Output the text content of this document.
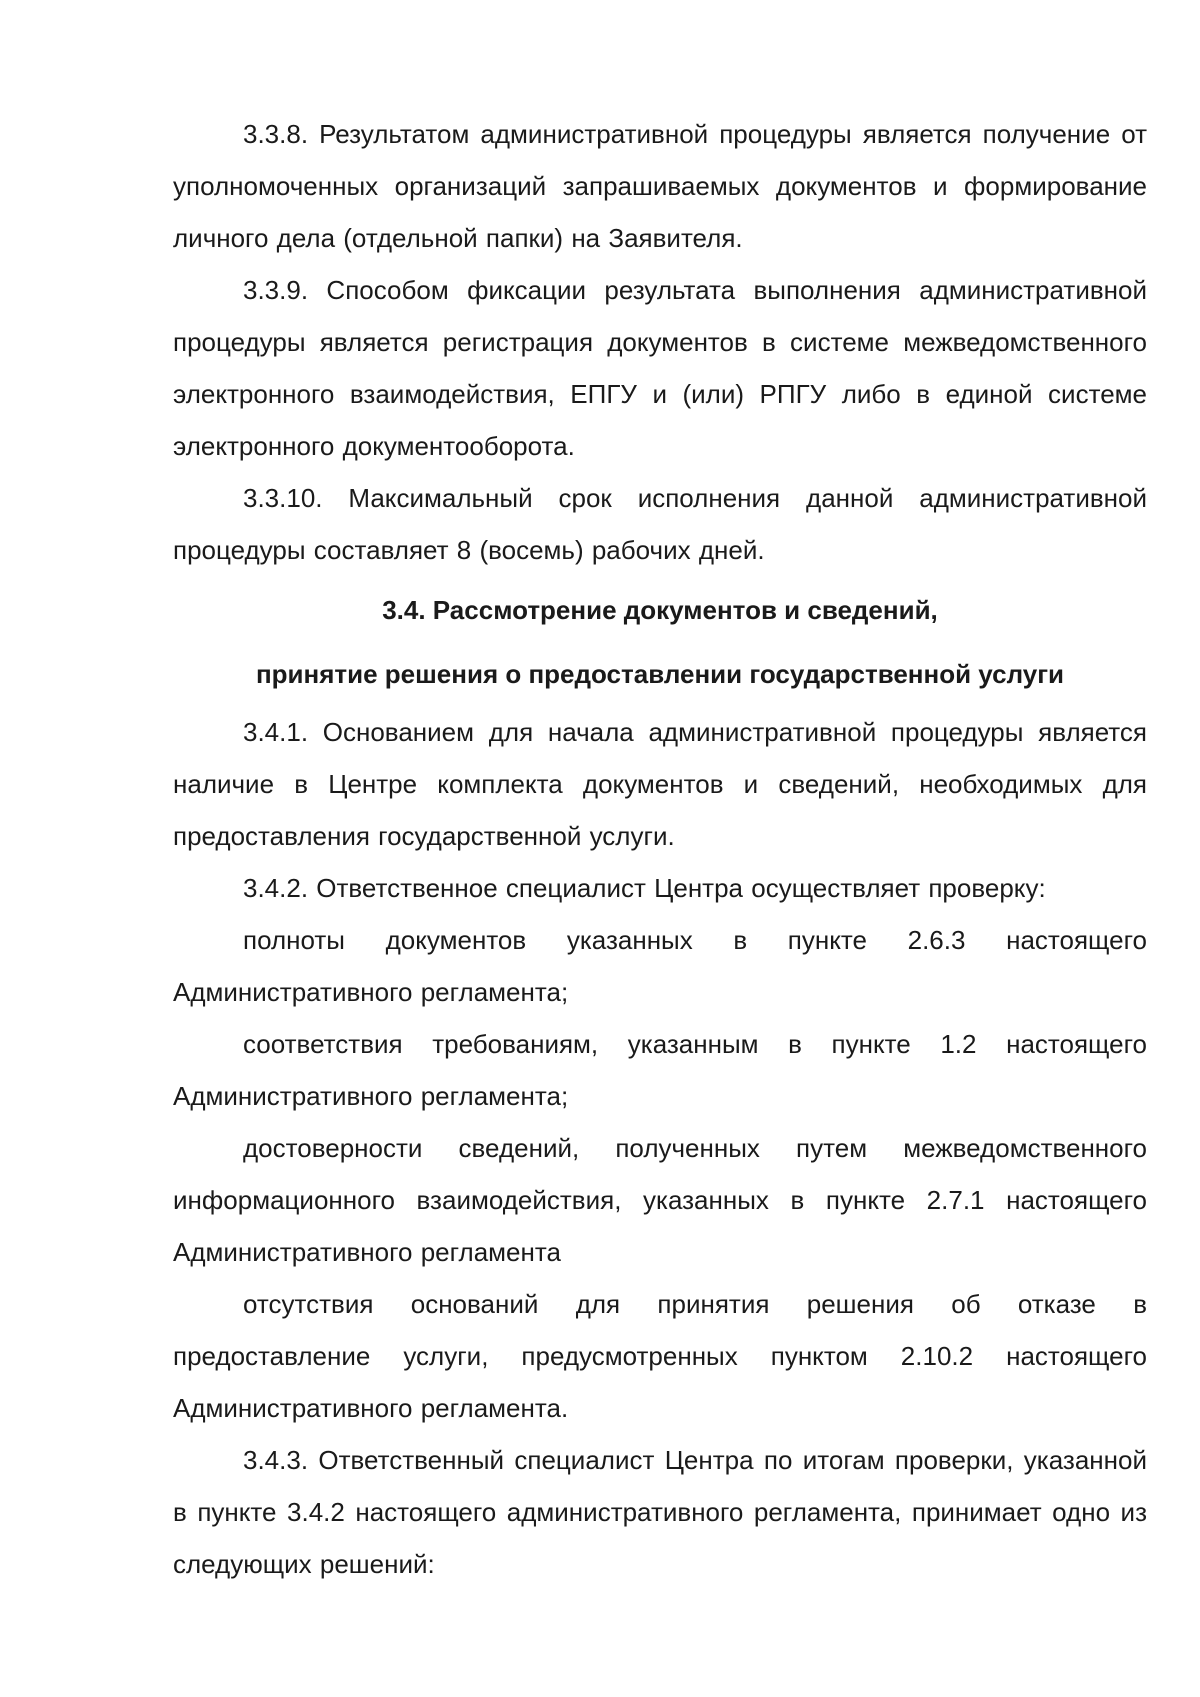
3.3.8. Результатом административной процедуры является получение от уполномоченных организаций запрашиваемых документов и формирование личного дела (отдельной папки) на Заявителя.

3.3.9. Способом фиксации результата выполнения административной процедуры является регистрация документов в системе межведомственного электронного взаимодействия, ЕПГУ и (или) РПГУ либо в единой системе электронного документооборота.

3.3.10. Максимальный срок исполнения данной административной процедуры составляет 8 (восемь) рабочих дней.

3.4. Рассмотрение документов и сведений,
принятие решения о предоставлении государственной услуги

3.4.1. Основанием для начала административной процедуры является наличие в Центре комплекта документов и сведений, необходимых для предоставления государственной услуги.

3.4.2. Ответственное специалист Центра осуществляет проверку:

полноты документов указанных в пункте 2.6.3 настоящего Административного регламента;

соответствия требованиям, указанным в пункте 1.2 настоящего Административного регламента;

достоверности сведений, полученных путем межведомственного информационного взаимодействия, указанных в пункте 2.7.1 настоящего Административного регламента

отсутствия оснований для принятия решения об отказе в предоставление услуги, предусмотренных пунктом 2.10.2 настоящего Административного регламента.

3.4.3. Ответственный специалист Центра по итогам проверки, указанной в пункте 3.4.2 настоящего административного регламента, принимает одно из следующих решений:
